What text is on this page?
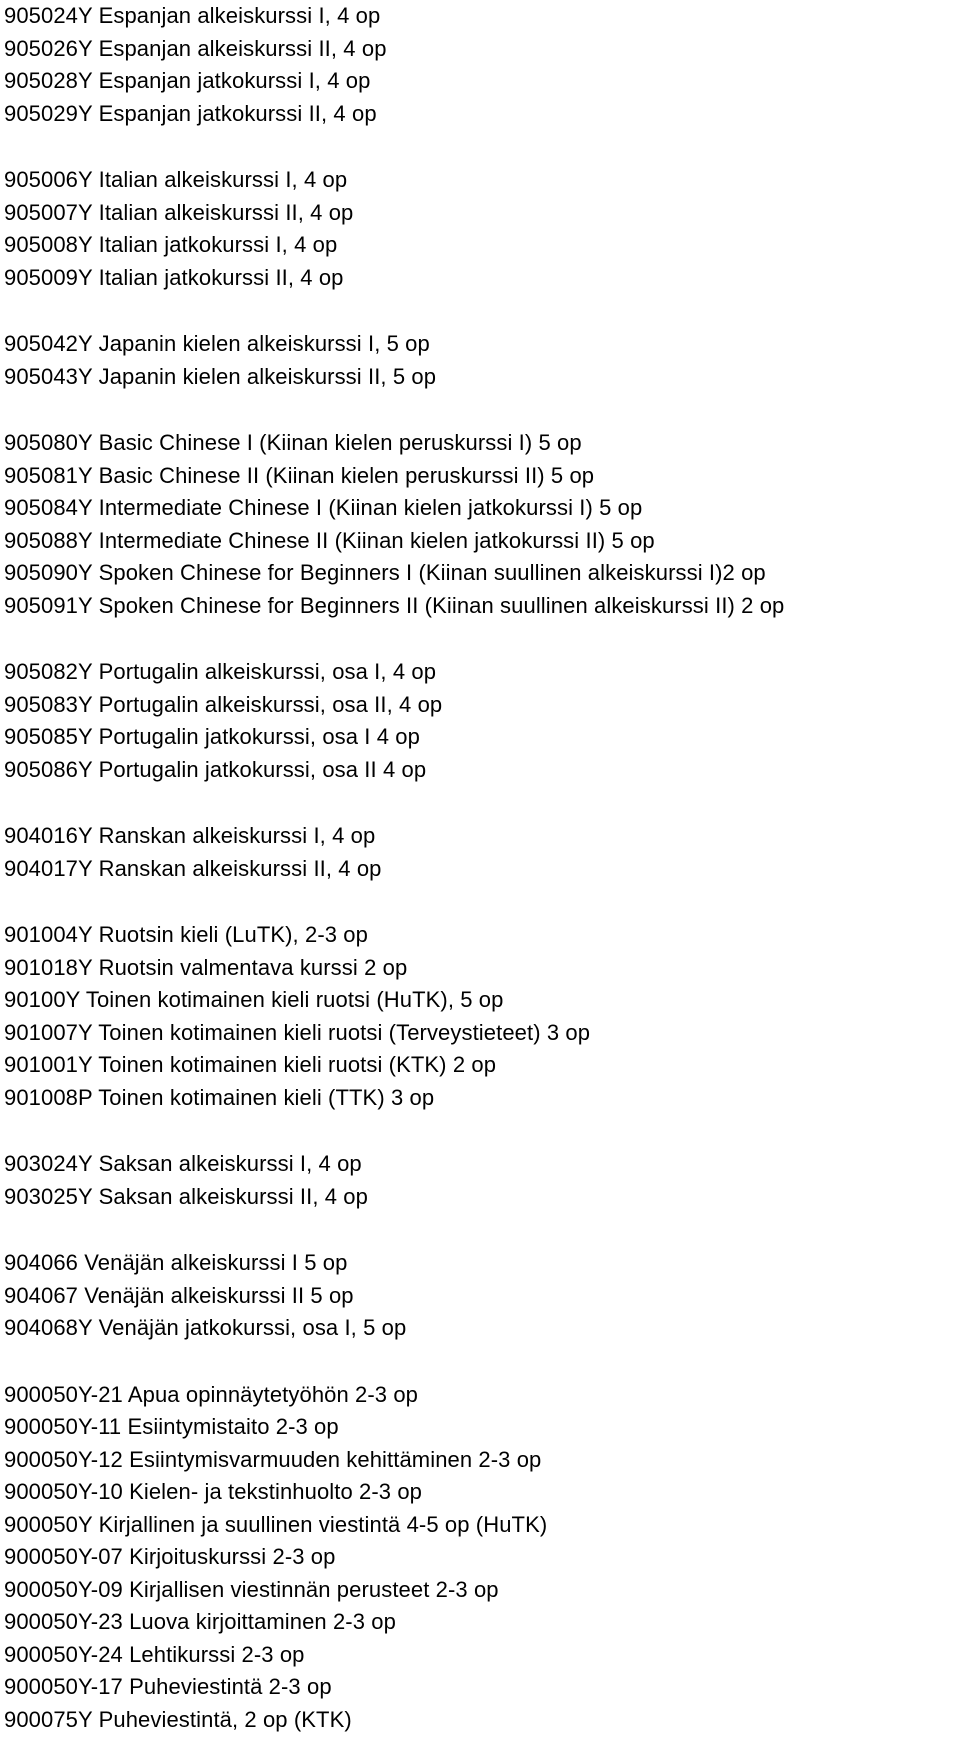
905024Y Espanjan alkeiskurssi I, 4 op
905026Y Espanjan alkeiskurssi II, 4 op
905028Y Espanjan jatkokurssi I, 4 op
905029Y Espanjan jatkokurssi II, 4 op
905006Y Italian alkeiskurssi I, 4 op
905007Y Italian alkeiskurssi II, 4 op
905008Y Italian jatkokurssi I, 4 op
905009Y Italian jatkokurssi II, 4 op
905042Y Japanin kielen alkeiskurssi I, 5 op
905043Y Japanin kielen alkeiskurssi II, 5 op
905080Y Basic Chinese I (Kiinan kielen peruskurssi I) 5 op
905081Y Basic Chinese II (Kiinan kielen peruskurssi II) 5 op
905084Y Intermediate Chinese I (Kiinan kielen jatkokurssi I) 5 op
905088Y Intermediate Chinese II (Kiinan kielen jatkokurssi II) 5 op
905090Y Spoken Chinese for Beginners I (Kiinan suullinen alkeiskurssi I)2 op
905091Y Spoken Chinese for Beginners II (Kiinan suullinen alkeiskurssi II) 2 op
905082Y Portugalin alkeiskurssi, osa I, 4 op
905083Y Portugalin alkeiskurssi, osa II, 4 op
905085Y Portugalin jatkokurssi, osa I 4 op
905086Y Portugalin jatkokurssi, osa II 4 op
904016Y Ranskan alkeiskurssi I, 4 op
904017Y Ranskan alkeiskurssi II, 4 op
901004Y Ruotsin kieli (LuTK), 2-3 op
901018Y Ruotsin valmentava kurssi 2 op
90100Y Toinen kotimainen kieli ruotsi (HuTK), 5 op
901007Y Toinen kotimainen kieli ruotsi (Terveystieteet) 3 op
901001Y Toinen kotimainen kieli ruotsi (KTK) 2 op
901008P Toinen kotimainen kieli (TTK) 3 op
903024Y Saksan alkeiskurssi I, 4 op
903025Y Saksan alkeiskurssi II, 4 op
904066 Venäjän alkeiskurssi I 5 op
904067 Venäjän alkeiskurssi II 5 op
904068Y Venäjän jatkokurssi, osa I, 5 op
900050Y-21 Apua opinnäytetyöhön 2-3 op
900050Y-11 Esiintymistaito 2-3 op
900050Y-12 Esiintymisvarmuuden kehittäminen 2-3 op
900050Y-10 Kielen- ja tekstinhuolto 2-3 op
900050Y Kirjallinen ja suullinen viestintä 4-5 op (HuTK)
900050Y-07 Kirjoituskurssi 2-3 op
900050Y-09 Kirjallisen viestinnän perusteet 2-3 op
900050Y-23 Luova kirjoittaminen 2-3 op
900050Y-24 Lehtikurssi 2-3 op
900050Y-17 Puheviestintä 2-3 op
900075Y Puheviestintä, 2 op (KTK)
